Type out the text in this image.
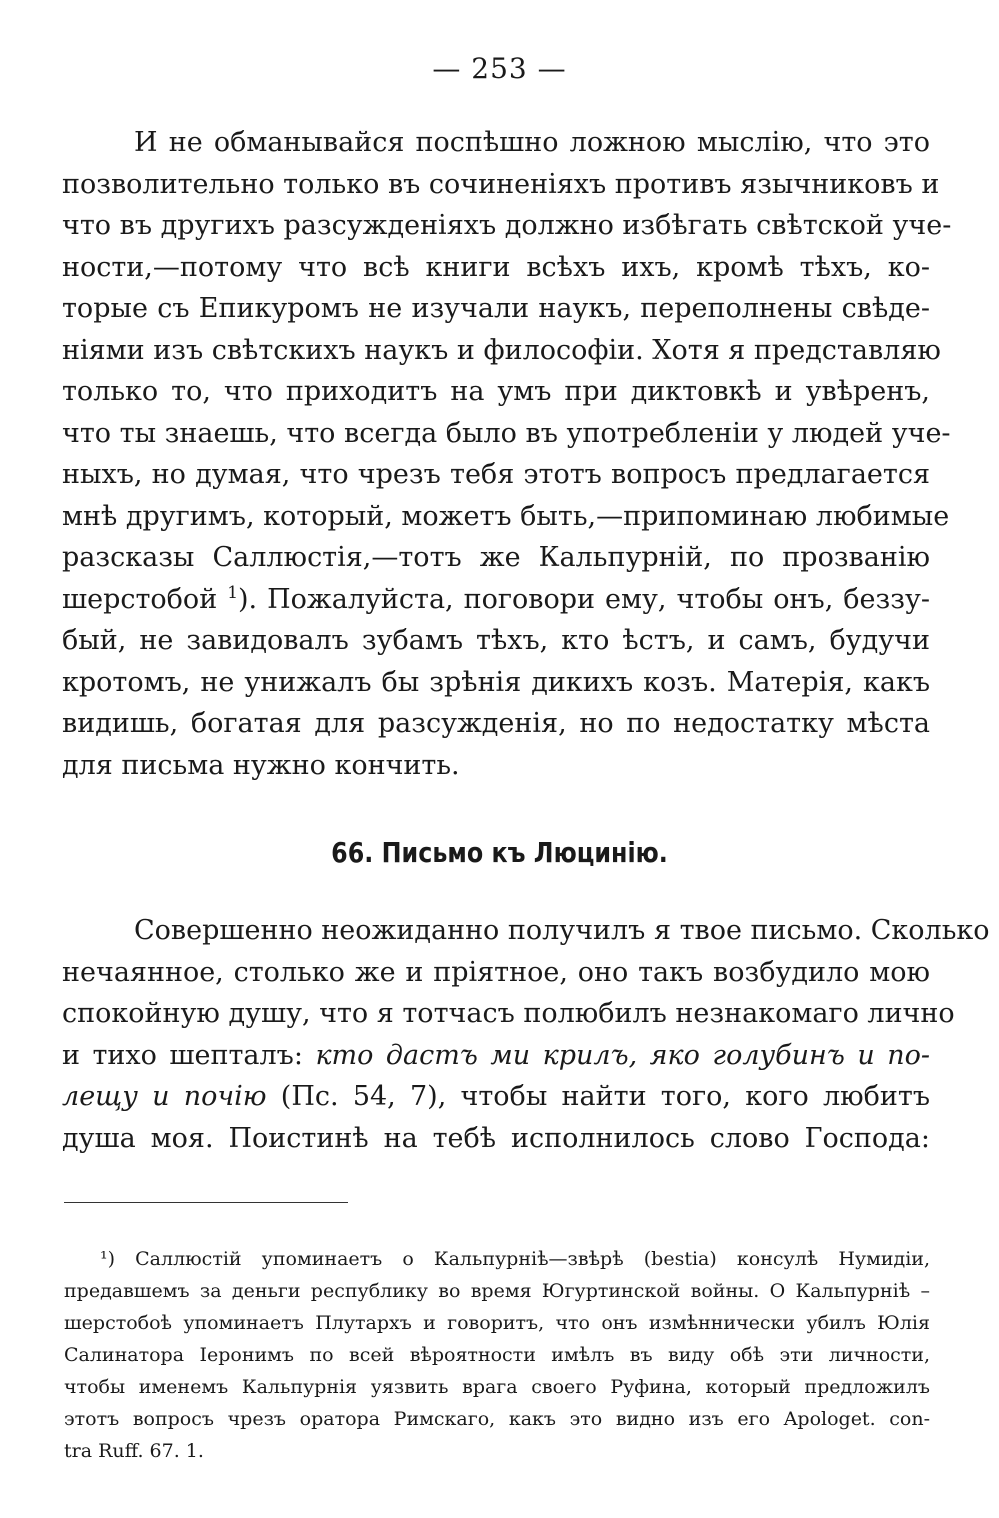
— 253 —
И не обманывайся поспѣшно ложною мыслію, что это
позволительно только въ сочиненіяхъ противъ язычниковъ и
что въ другихъ разсужденіяхъ должно избѣгать свѣтской уче-
ности,—потому что всѣ книги всѣхъ ихъ, кромѣ тѣхъ, ко-
торые съ Епикуромъ не изучали наукъ, переполнены свѣде-
ніями изъ свѣтскихъ наукъ и философіи. Хотя я представляю
только то, что приходитъ на умъ при диктовкѣ и увѣренъ,
что ты знаешь, что всегда было въ употребленіи у людей уче-
ныхъ, но думая, что чрезъ тебя этотъ вопросъ предлагается
мнѣ другимъ, который, можетъ быть,—припоминаю любимые
разсказы Саллюстія,—тотъ же Кальпурній, по прозванію
шерстобой $^1$). Пожалуйста, поговори ему, чтобы онъ, беззу-
бый, не завидовалъ зубамъ тѣхъ, кто ѣстъ, и самъ, будучи
кротомъ, не унижалъ бы зрѣнія дикихъ козъ. Матерія, какъ
видишь, богатая для разсужденія, но по недостатку мѣста
для письма нужно кончить.
66. Письмо къ Люцинію.
Совершенно неожиданно получилъ я твое письмо. Сколько
нечаянное, столько же и пріятное, оно такъ возбудило мою
спокойную душу, что я тотчасъ полюбилъ незнакомаго лично
и тихо шепталъ: кто дастъ ми крилъ, яко голубинъ и по-
лещу и почію (Пс. 54, 7), чтобы найти того, кого любитъ
душа моя. Поистинѣ на тебѣ исполнилось слово Господа:
¹) Саллюстій упоминаетъ о Кальпурніѣ—звѣрѣ (bestia) консулѣ Нумидіи,
предавшемъ за деньги республику во время Югуртинской войны. О Кальпурніѣ –
шерстобоѣ упоминаетъ Плутархъ и говоритъ, что онъ измѣннически убилъ Юлія
Салинатора Іеронимъ по всей вѣроятности имѣлъ въ виду обѣ эти личности,
чтобы именемъ Кальпурнія уязвить врага своего Руфина, который предложилъ
этотъ вопросъ чрезъ оратора Римскаго, какъ это видно изъ его Apologet. con-
tra Ruff. 67. 1.
